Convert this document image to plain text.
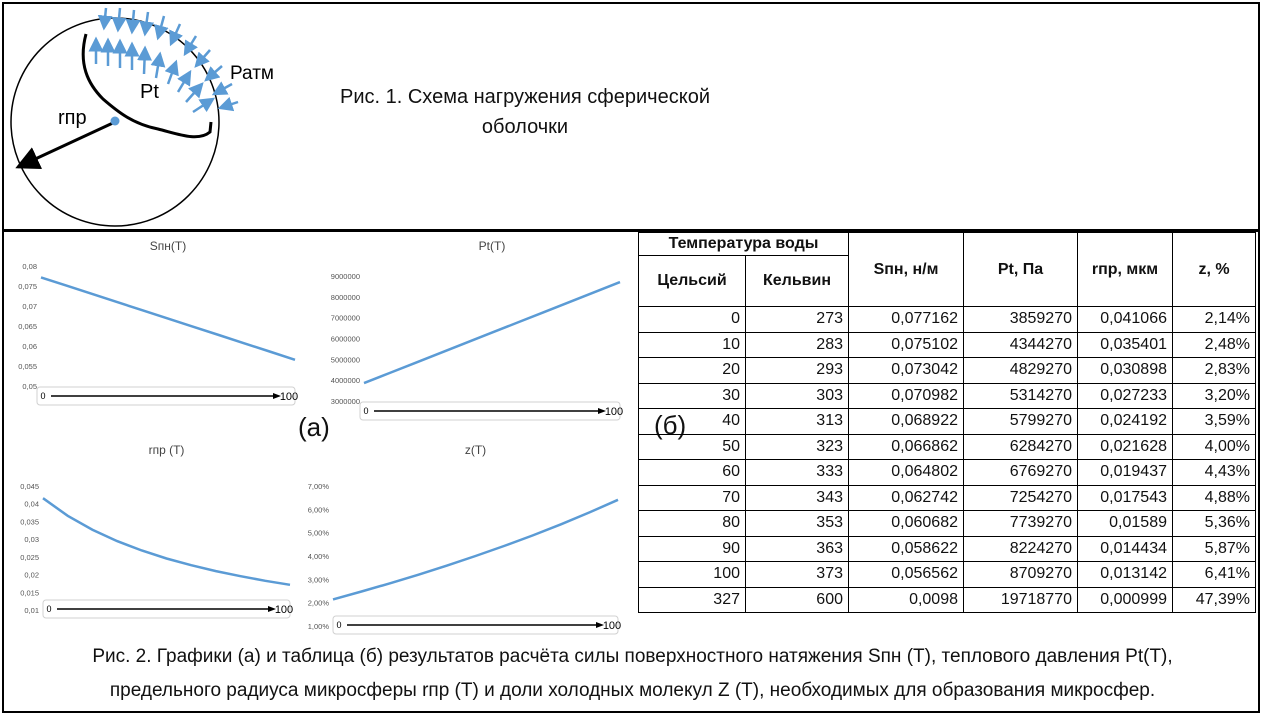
rпр
Pt
Ратм
Рис. 1. Схема нагружения сферической оболочки
Sпн(T)
0,08
0,075
0,07
0,065
0,06
0,055
0,05
0	100
Pt(T)
9000000
8000000
7000000
6000000
5000000
4000000
3000000
0	100
rпр (T)
0,045
0,04
0,035
0,03
0,025
0,02
0,015
0,01 0	100
z(T)
7,00%
6,00%
5,00%
4,00%
3,00%
2,00%
1,00% 0	100
(а)	(б)
Температура воды		Sпн, н/м	Pt, Па	rпр, мкм	z, %
Цельсий	Кельвин				
0	273	0,077162	3859270	0,041066	2,14%
10	283	0,075102	4344270	0,035401	2,48%
20	293	0,073042	4829270	0,030898	2,83%
30	303	0,070982	5314270	0,027233	3,20%
40	313	0,068922	5799270	0,024192	3,59%
50	323	0,066862	6284270	0,021628	4,00%
60	333	0,064802	6769270	0,019437	4,43%
70	343	0,062742	7254270	0,017543	4,88%
80	353	0,060682	7739270	0,01589	5,36%
90	363	0,058622	8224270	0,014434	5,87%
100	373	0,056562	8709270	0,013142	6,41%
327	600	0,0098	19718770	0,000999	47,39%
Рис. 2. Графики (а) и таблица (б) результатов расчёта силы поверхностного натяжения Sпн (T), теплового давления Pt(T),
предельного радиуса микросферы rпр (T) и доли холодных молекул Z (T), необходимых для образования микросфер.
